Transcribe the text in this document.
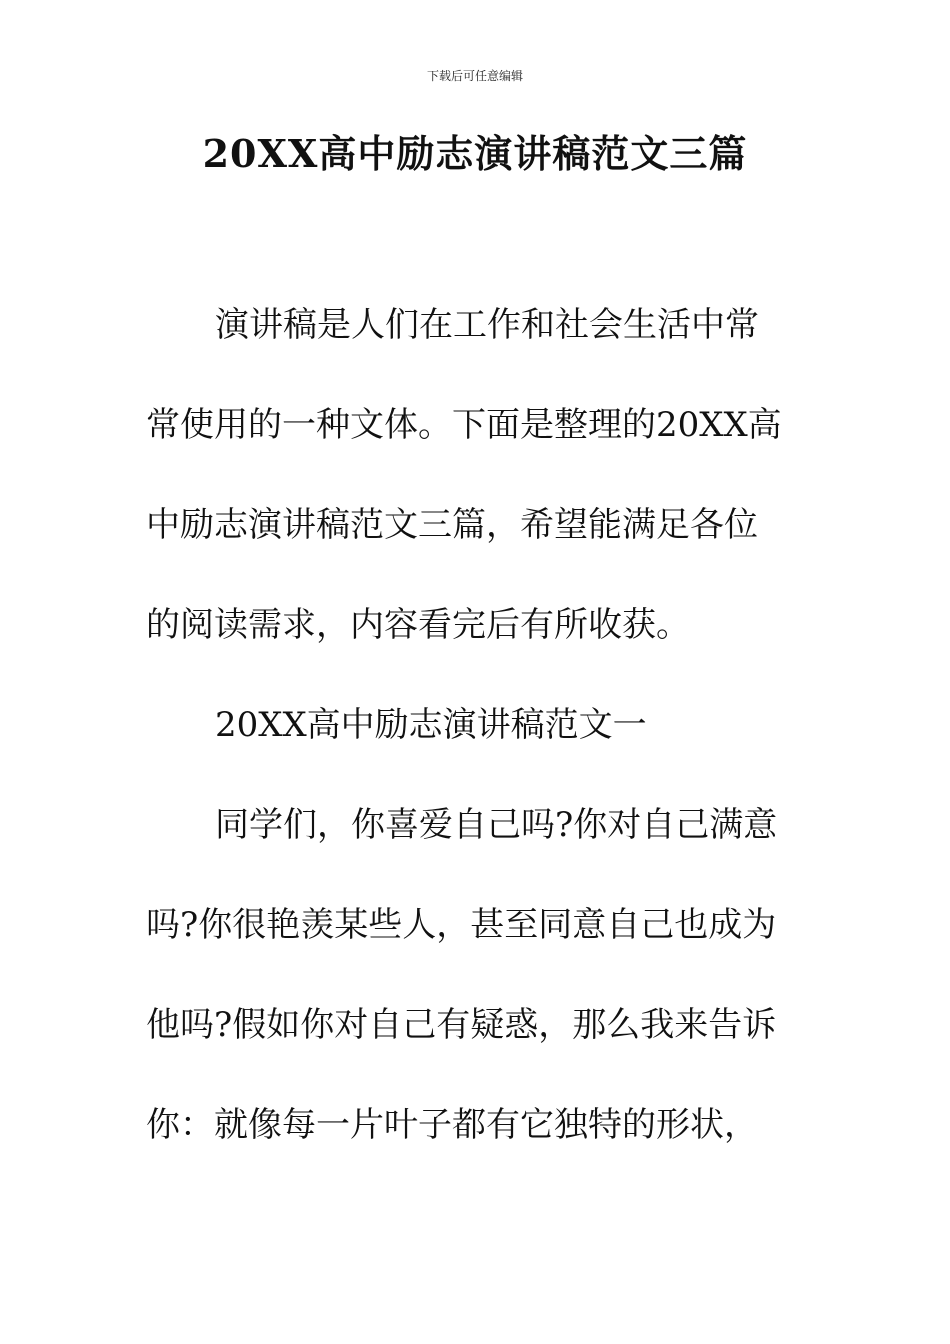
下载后可任意编辑
20XX高中励志演讲稿范文三篇
演讲稿是人们在工作和社会生活中常
常使用的一种文体。下面是整理的20XX高
中励志演讲稿范文三篇，希望能满足各位
的阅读需求，内容看完后有所收获。
20XX高中励志演讲稿范文一
同学们，你喜爱自己吗?你对自己满意
吗?你很艳羡某些人，甚至同意自己也成为
他吗?假如你对自己有疑惑，那么我来告诉
你：就像每一片叶子都有它独特的形状，
